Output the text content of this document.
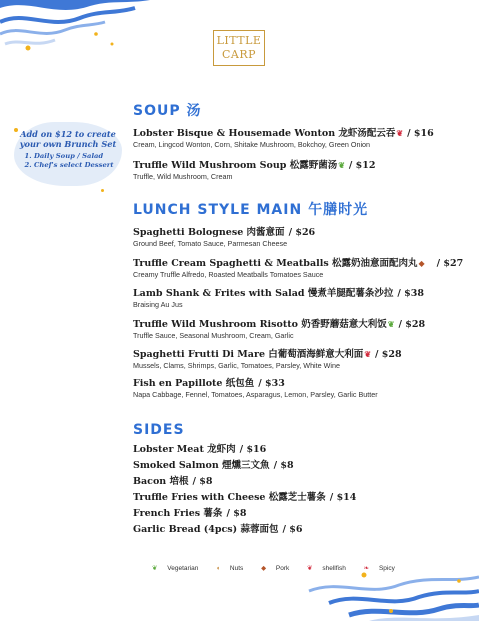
LITTLE
CARP
Add on $12 to create
your own Brunch Set
1. Daily Soup / Salad
2. Chef's select Dessert
SOUP 汤
Lobster Bisque & Housemade Wonton 龙虾汤配云吞❦ / $16
Cream, Lingcod Wonton, Corn, Shitake Mushroom, Bokchoy, Green Onion
Truffle Wild Mushroom Soup 松露野菌汤❦ / $12
Truffle, Wild Mushroom, Cream
LUNCH STYLE MAIN 午膳时光
Spaghetti Bolognese 肉酱意面 / $26
Ground Beef, Tomato Sauce, Parmesan Cheese
Truffle Cream Spaghetti & Meatballs 松露奶油意面配肉丸◆ / $27
Creamy Truffle Alfredo, Roasted Meatballs Tomatoes Sauce
Lamb Shank & Frites with Salad 慢煮羊腿配薯条沙拉 / $38
Braising Au Jus
Truffle Wild Mushroom Risotto 奶香野蘑菇意大利饭❦ / $28
Truffle Sauce, Seasonal Mushroom, Cream, Garlic
Spaghetti Frutti Di Mare 白葡萄酒海鲜意大利面❦ / $28
Mussels, Clams, Shrimps, Garlic, Tomatoes, Parsley, White Wine
Fish en Papillote 纸包鱼 / $33
Napa Cabbage, Fennel, Tomatoes, Asparagus, Lemon, Parsley, Garlic Butter
SIDES
Lobster Meat 龙虾肉 / $16
Smoked Salmon 煙燻三文魚 / $8
Bacon 培根 / $8
Truffle Fries with Cheese 松露芝士薯条 / $14
French Fries 薯条 / $8
Garlic Bread (4pcs) 蒜蓉面包 / $6
❦ Vegetarian	◖ Nuts	◆ Pork	❦ shellfish	❧ Spicy
